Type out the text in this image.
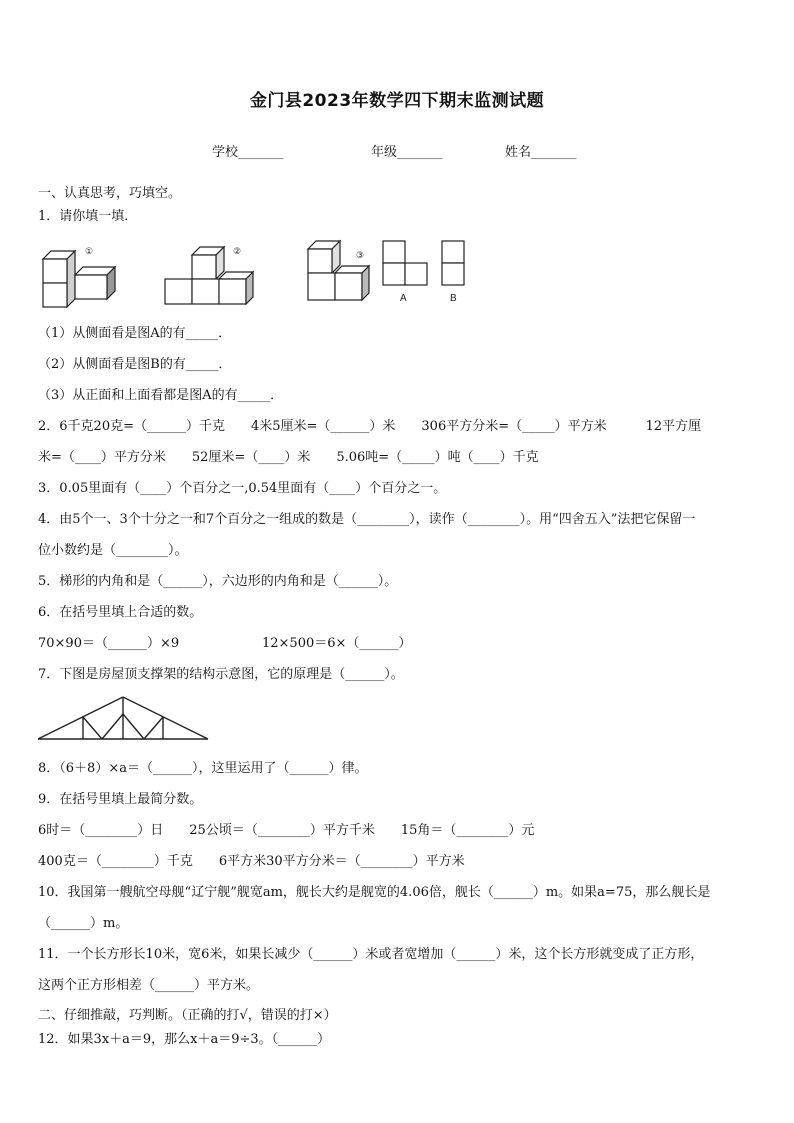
金门县2023年数学四下期末监测试题
学校_______	年级_______	姓名_______
一、认真思考，巧填空。
1．请你填一填．
①	②	③
A	B
（1）从侧面看是图A的有_____．
（2）从侧面看是图B的有_____．
（3）从正面和上面看都是图A的有_____．
2．6千克20克=（______）千克　　4米5厘米=（______）米　　306平方分米=（_____）平方米　　　12平方厘
米=（____）平方分米　　52厘米=（____）米　　5.06吨=（_____）吨（____）千克
3．0.05里面有（____）个百分之一,0.54里面有（____）个百分之一。
4．由5个一、3个十分之一和7个百分之一组成的数是（________），读作（________）。用“四舍五入”法把它保留一
位小数约是（________）。
5．梯形的内角和是（______），六边形的内角和是（______）。
6．在括号里填上合适的数。
70×90＝（______）×9	12×500＝6×（______）
7．下图是房屋顶支撑架的结构示意图，它的原理是（______）。
8．（6＋8）×a＝（______），这里运用了（______）律。
9．在括号里填上最简分数。
6时＝（________）日　　25公顷＝（________）平方千米　　15角＝（________）元
400克＝（________）千克　　6平方米30平方分米＝（________）平方米
10．我国第一艘航空母舰“辽宁舰”舰宽am，舰长大约是舰宽的4.06倍，舰长（______）m。如果a=75，那么舰长是
（______）m。
11．一个长方形长10米，宽6米，如果长减少（______）米或者宽增加（______）米，这个长方形就变成了正方形，
这两个正方形相差（______）平方米。
二、仔细推敲，巧判断。（正确的打√，错误的打×）
12．如果3x＋a＝9，那么x＋a＝9÷3。（______）
